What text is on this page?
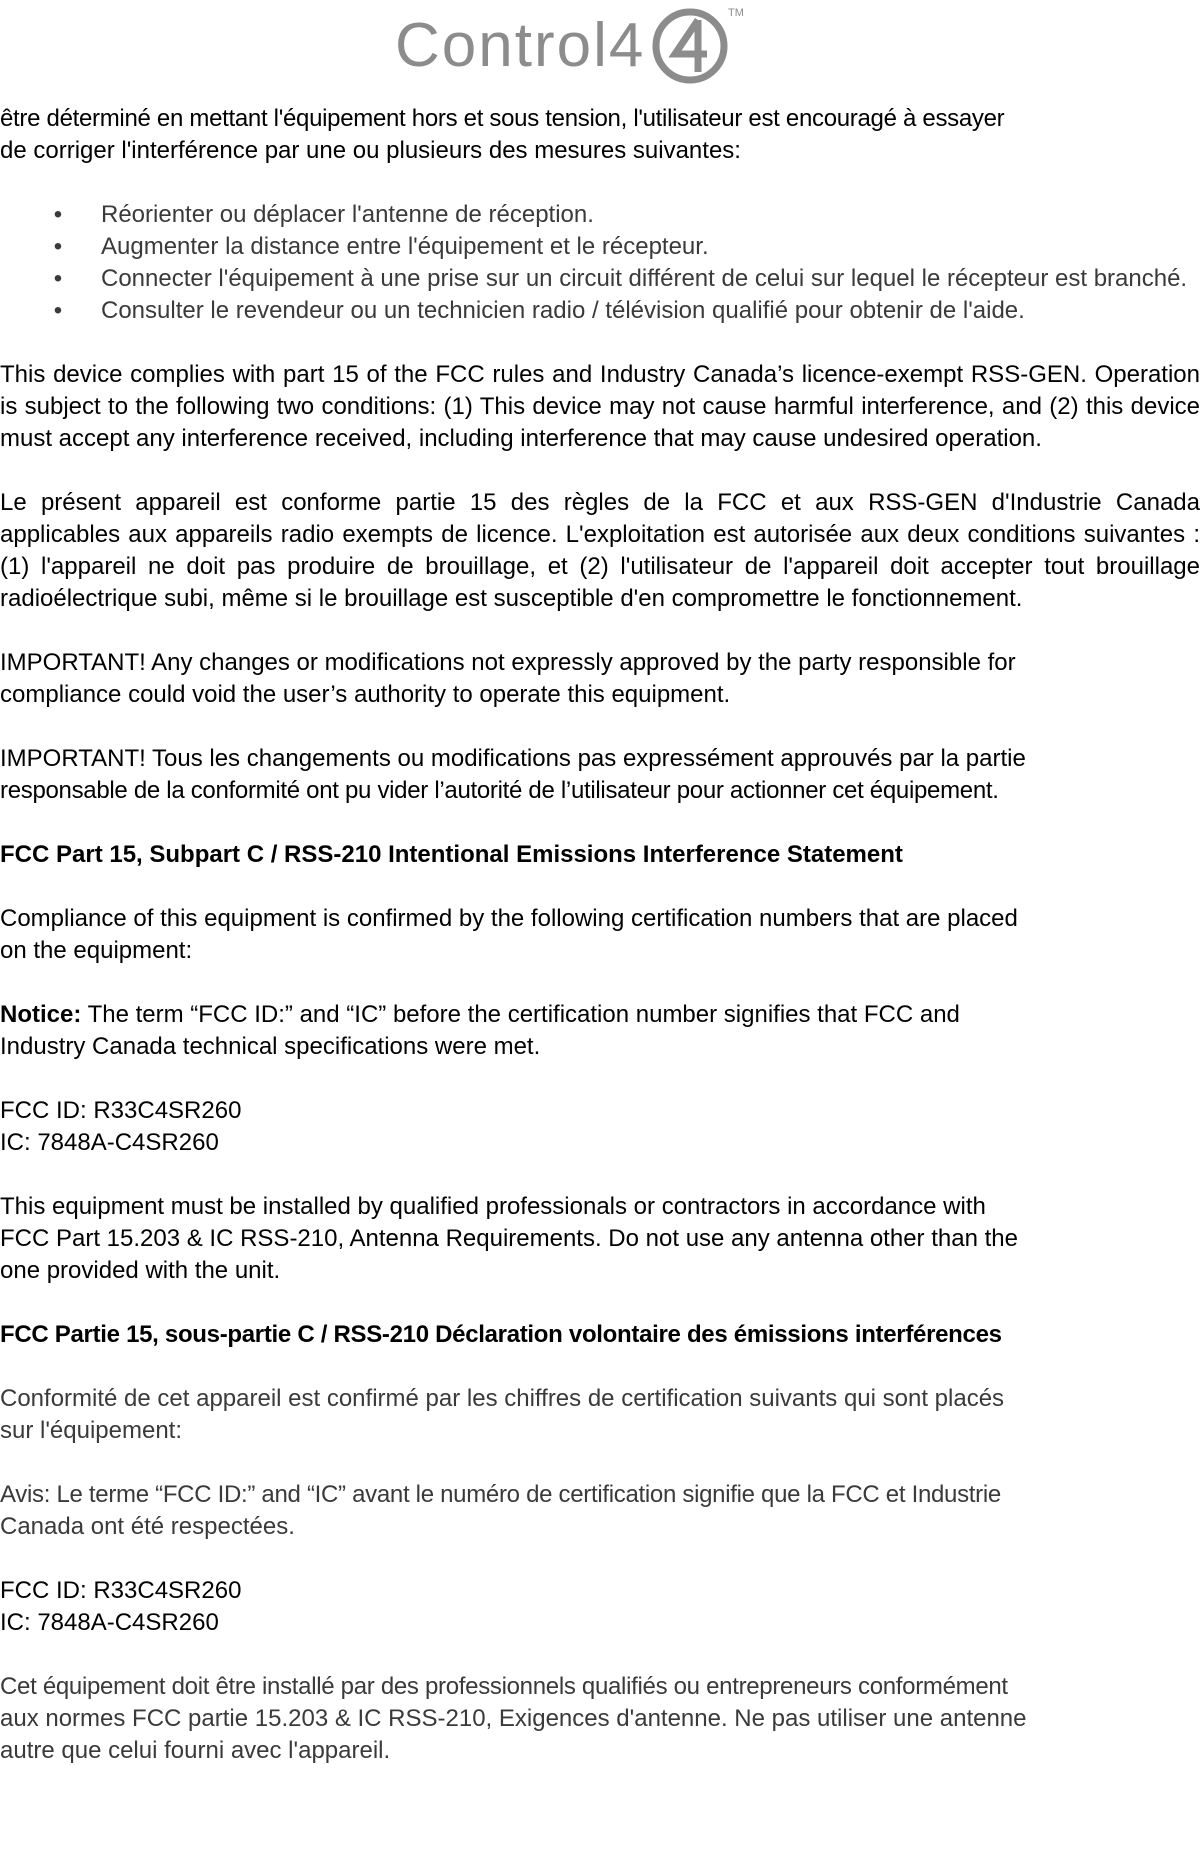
Control4	TM

être déterminé en mettant l'équipement hors et sous tension, l'utilisateur est encouragé à essayer

de corriger l'interférence par une ou plusieurs des mesures suivantes:

• Réorienter ou déplacer l'antenne de réception.
• Augmenter la distance entre l'équipement et le récepteur.
• Connecter l'équipement à une prise sur un circuit différent de celui sur lequel le récepteur est branché.
• Consulter le revendeur ou un technicien radio / télévision qualifié pour obtenir de l'aide.

This device complies with part 15 of the FCC rules and Industry Canada’s licence-exempt RSS-GEN. Operation is subject to the following two conditions: (1) This device may not cause harmful interference, and (2) this device must accept any interference received, including interference that may cause undesired operation.

Le présent appareil est conforme partie 15 des règles de la FCC et aux RSS-GEN d'Industrie Canada applicables aux appareils radio exempts de licence. L'exploitation est autorisée aux deux conditions suivantes : (1) l'appareil ne doit pas produire de brouillage, et (2) l'utilisateur de l'appareil doit accepter tout brouillage radioélectrique subi, même si le brouillage est susceptible d'en compromettre le fonctionnement.

IMPORTANT! Any changes or modifications not expressly approved by the party responsible for

compliance could void the user’s authority to operate this equipment.

IMPORTANT! Tous les changements ou modifications pas expressément approuvés par la partie

responsable de la conformité ont pu vider l’autorité de l’utilisateur pour actionner cet équipement.

FCC Part 15, Subpart C / RSS-210 Intentional Emissions Interference Statement

Compliance of this equipment is confirmed by the following certification numbers that are placed

on the equipment:

Notice: The term “FCC ID:” and “IC” before the certification number signifies that FCC and

Industry Canada technical specifications were met.

FCC ID: R33C4SR260

IC: 7848A-C4SR260

This equipment must be installed by qualified professionals or contractors in accordance with

FCC Part 15.203 & IC RSS-210, Antenna Requirements. Do not use any antenna other than the

one provided with the unit.

FCC Partie 15, sous-partie C / RSS-210 Déclaration volontaire des émissions interférences

Conformité de cet appareil est confirmé par les chiffres de certification suivants qui sont placés

sur l'équipement:

Avis: Le terme “FCC ID:” and “IC” avant le numéro de certification signifie que la FCC et Industrie

Canada ont été respectées.

FCC ID: R33C4SR260

IC: 7848A-C4SR260

Cet équipement doit être installé par des professionnels qualifiés ou entrepreneurs conformément

aux normes FCC partie 15.203 & IC RSS-210, Exigences d'antenne. Ne pas utiliser une antenne

autre que celui fourni avec l'appareil.
